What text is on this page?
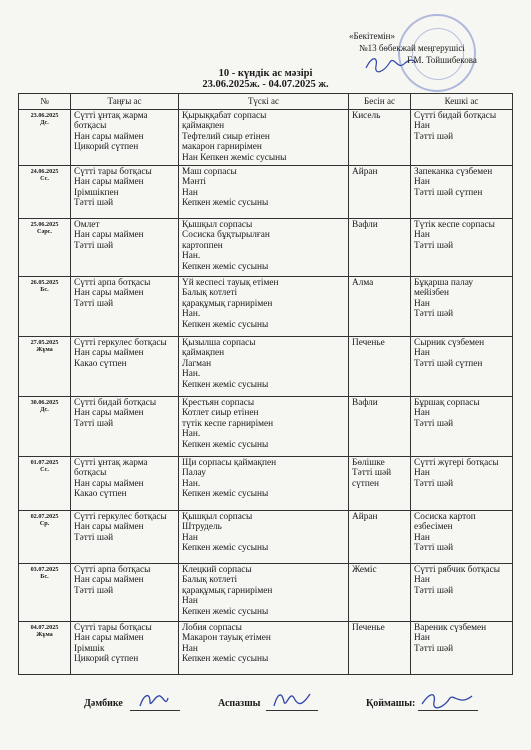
«Бекітемін»
№13 бөбекжай меңгерушісі
Г.М. Тойшибекова
10 - күндік ас мәзірі
23.06.2025ж. - 04.07.2025 ж.
№	Таңғы ас	Түскі ас	Бесін ас	Кешкі ас

23.06.2025
Дс.	Сүтті ұнтақ жарма
ботқасы
Нан сары маймен
Цикорий сүтпен	Қырыққабат сорпасы
қаймақпен
Тефтелий сиыр етінен
макарон гарнирімен
Нан Кепкен жеміс сусыны	Кисель	Сүтті бидай ботқасы
Нан
Тәтті шәй

24.06.2025
Сс.	Сүтті тары ботқасы
Нан сары маймен
Ірімшікпен
Тәтті шәй	Маш сорпасы
Мәнті
Нан
Кепкен жеміс сусыны	Айран	Запеканка сүзбемен
Нан
Тәтті шәй сүтпен

25.06.2025
Сәрс.	Омлет
Нан сары маймен
Тәтті шәй	Қышқыл сорпасы
Сосиска бұқтырылған
картоппен
Нан.
Кепкен жеміс сусыны	Вафли	Түтік кеспе сорпасы
Нан
Тәтті шәй

26.05.2025
Бс.	Сүтті арпа ботқасы
Нан сары маймен
Тәтті шәй	Үй кеспесі тауық етімен
Балық котлеті
қарақұмық гарнирімен
Нан.
Кепкен жеміс сусыны	Алма	Бұқарша палау
мейізбен
Нан
Тәтті шәй

27.05.2025
Жұма	Сүтті геркулес ботқасы
Нан сары маймен
Какао сүтпен	Қызылша сорпасы
қаймақпен
Лагман
Нан.
Кепкен жеміс сусыны	Печенье	Сырник сүзбемен
Нан
Тәтті шәй сүтпен

30.06.2025
Дс.	Сүтті бидай ботқасы
Нан сары маймен
Тәтті шәй	Крестьян сорпасы
Котлет сиыр етінен
түтік кеспе гарнирімен
Нан.
Кепкен жеміс сусыны	Вафли	Бұршақ сорпасы
Нан
Тәтті шәй

01.07.2025
Сс.	Сүтті ұнтақ жарма
ботқасы
Нан сары маймен
Какао сүтпен	Щи сорпасы қаймақпен
Палау
Нан.
Кепкен жеміс сусыны	Бөлішке
Тәтті шәй
сүтпен	Сүтті жүгері ботқасы
Нан
Тәтті шәй

02.07.2025
Ср.	Сүтті геркулес ботқасы
Нан сары маймен
Тәтті шәй	Қышқыл сорпасы
Штрудель
Нан
Кепкен жеміс сусыны	Айран	Сосиска картоп
езбесімен
Нан
Тәтті шәй

03.07.2025
Бс.	Сүтті арпа ботқасы
Нан сары маймен
Тәтті шәй	Клецкий сорпасы
Балық котлеті
қарақұмық гарнирімен
Нан
Кепкен жеміс сусыны	Жеміс	Сүтті рябчик ботқасы
Нан
Тәтті шәй

04.07.2025
Жұма	Сүтті тары ботқасы
Нан сары маймен
Ірімшік
Цикорий сүтпен	Лобия сорпасы
Макарон тауық етімен
Нан
Кепкен жеміс сусыны	Печенье	Вареник сүзбемен
Нан
Тәтті шәй
Дәмбике	Аспазшы	Қоймашы:
